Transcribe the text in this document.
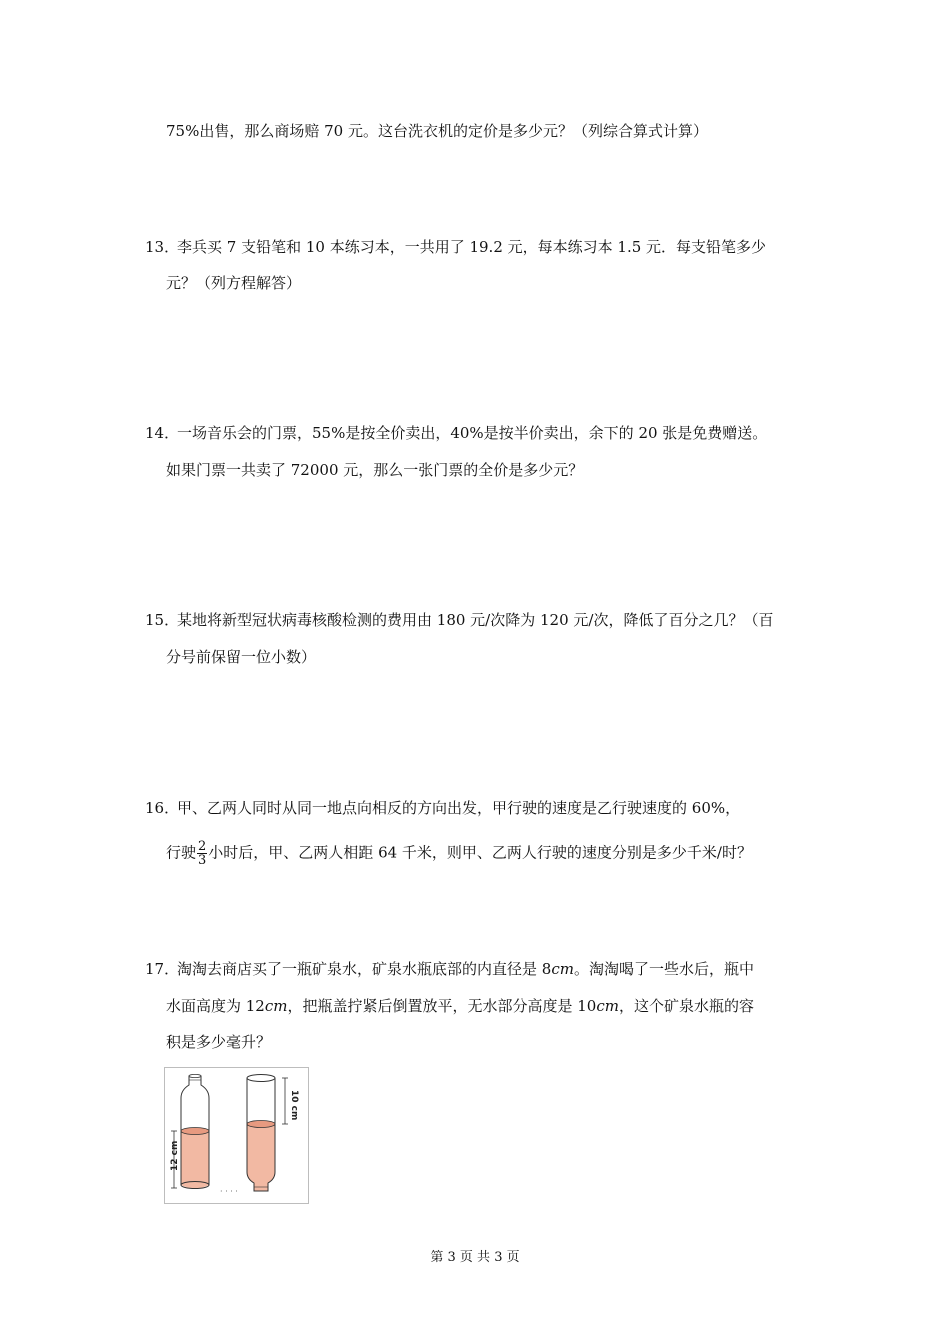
75%出售，那么商场赔 70 元。这台洗衣机的定价是多少元？（列综合算式计算）
13．
李兵买 7 支铅笔和 10 本练习本，一共用了 19.2 元，每本练习本 1.5 元．每支铅笔多少
元？（列方程解答）
14．
一场音乐会的门票，55%是按全价卖出，40%是按半价卖出，余下的 20 张是免费赠送。
如果门票一共卖了 72000 元，那么一张门票的全价是多少元？
15．
某地将新型冠状病毒核酸检测的费用由 180 元/次降为 120 元/次，降低了百分之几？（百
分号前保留一位小数）
16．
甲、乙两人同时从同一地点向相反的方向出发，甲行驶的速度是乙行驶速度的 60%，
行驶 $\frac{2}{3}$ 小时后，甲、乙两人相距 64 千米，则甲、乙两人行驶的速度分别是多少千米/时？
17．
淘淘去商店买了一瓶矿泉水，矿泉水瓶底部的内直径是 8cm。淘淘喝了一些水后，瓶中
水面高度为 12cm，把瓶盖拧紧后倒置放平，无水部分高度是 10cm，这个矿泉水瓶的容
积是多少毫升？
12 cm
· · · ·
10 cm
第 3 页 共 3 页
